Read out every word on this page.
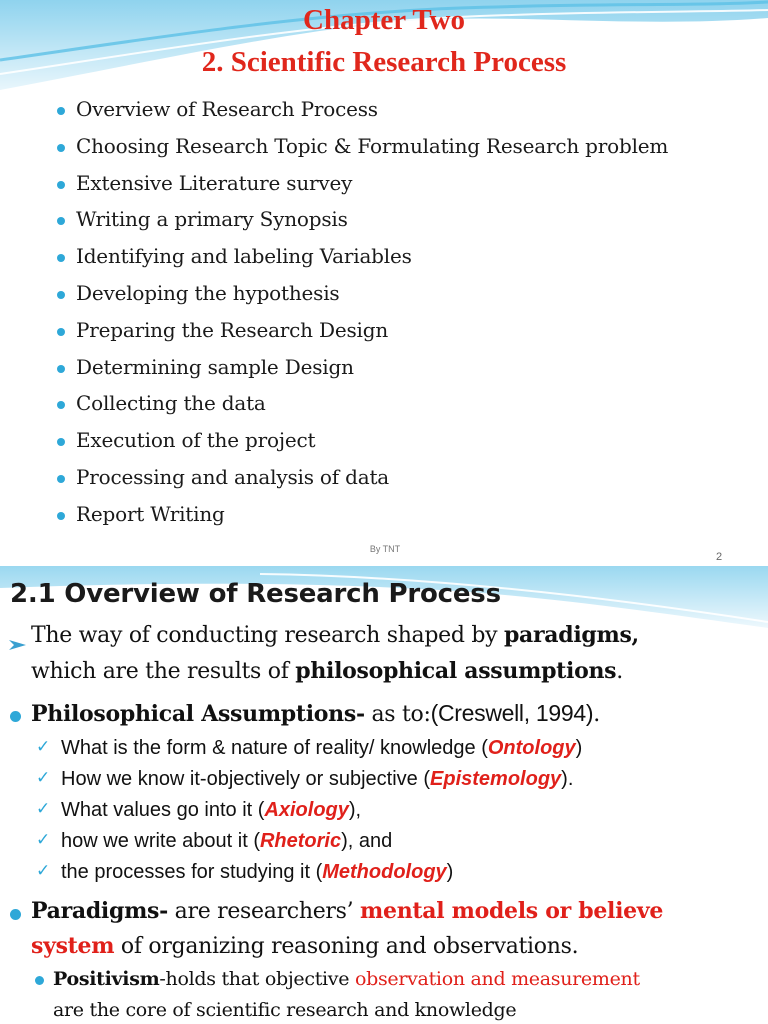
Chapter Two
2. Scientific Research Process
Overview of Research Process
Choosing Research Topic & Formulating Research problem
Extensive Literature survey
Writing a primary Synopsis
Identifying and labeling Variables
Developing the hypothesis
Preparing the Research Design
Determining sample Design
Collecting the data
Execution of the project
Processing and analysis of data
Report Writing
By TNT
2
2.1 Overview of Research Process
The way of conducting research shaped by paradigms,
which are the results of philosophical assumptions.
Philosophical Assumptions- as to:(Creswell, 1994).
✓ What is the form & nature of reality/ knowledge (Ontology)
✓ How we know it-objectively or subjective (Epistemology).
✓ What values go into it (Axiology),
✓ how we write about it (Rhetoric), and
✓ the processes for studying it (Methodology)
Paradigms- are researchers’ mental models or believe
system of organizing reasoning and observations.
Positivism-holds that objective observation and measurement
are the core of scientific research and knowledge
